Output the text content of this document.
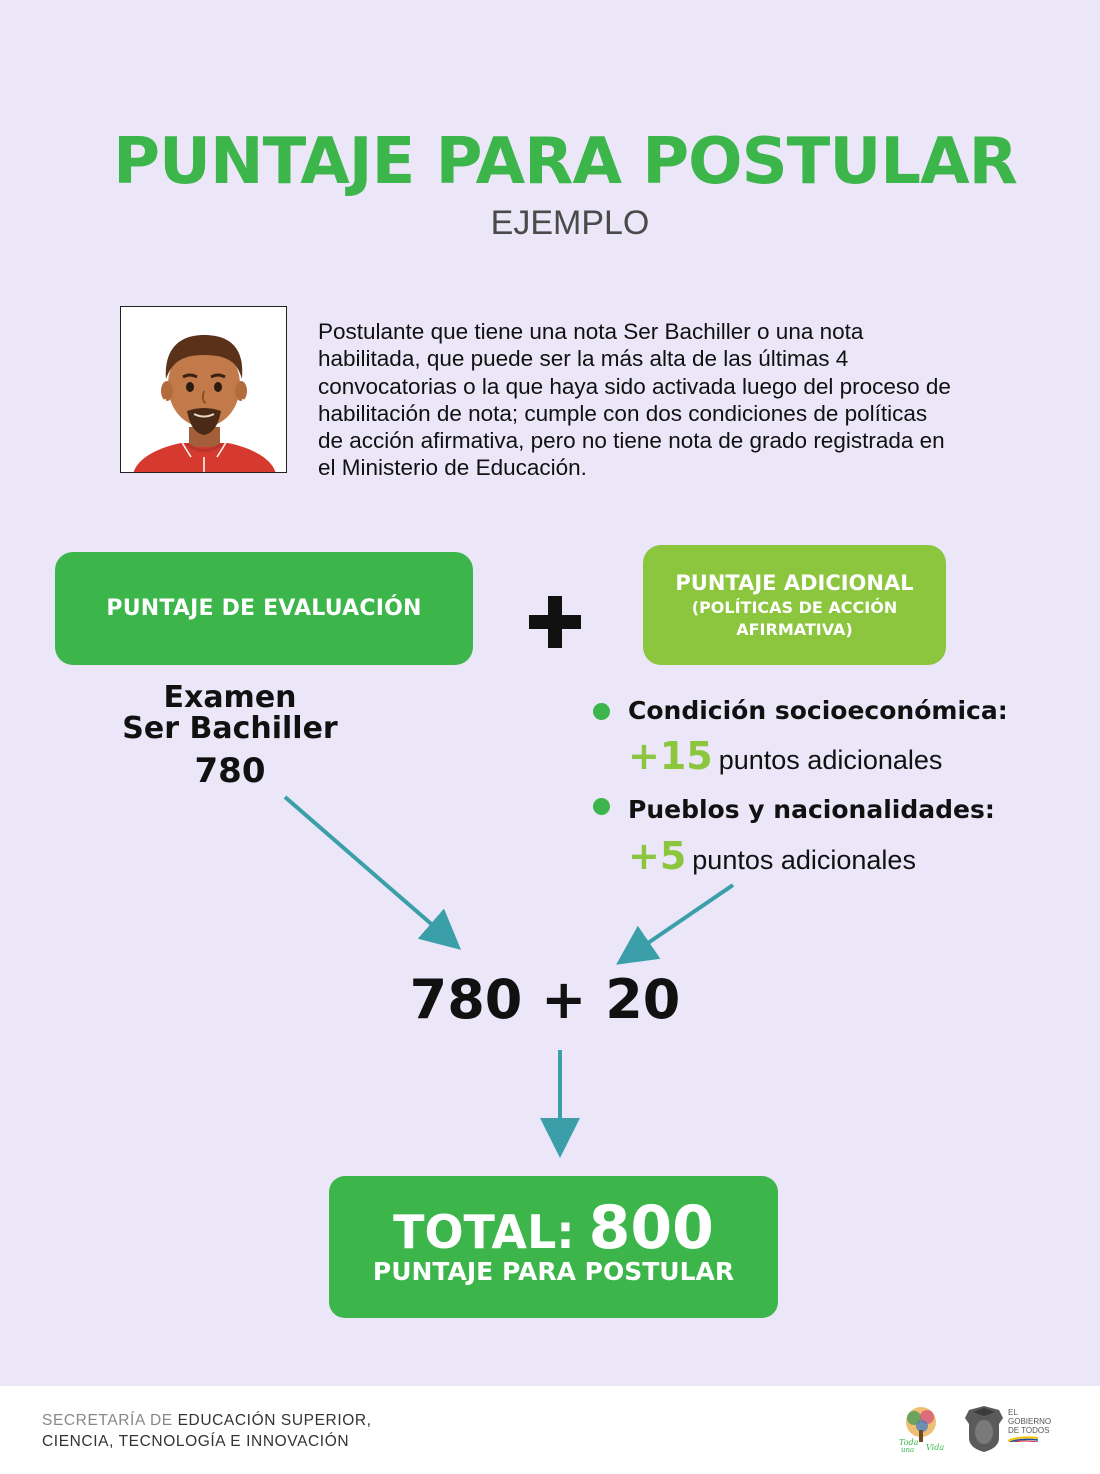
PUNTAJE PARA POSTULAR
EJEMPLO
Postulante que tiene una nota Ser Bachiller o una nota habilitada, que puede ser la más alta de las últimas 4 convocatorias o la que haya sido activada luego del proceso de habilitación de nota; cumple con dos condiciones de políticas de acción afirmativa, pero no tiene nota de grado registrada en el Ministerio de Educación.
PUNTAJE DE EVALUACIÓN
PUNTAJE ADICIONAL
(POLÍTICAS DE ACCIÓN
AFIRMATIVA)
Examen
Ser Bachiller
780
Condición socioeconómica:
+15 puntos adicionales
Pueblos y nacionalidades:
+5 puntos adicionales
780 + 20
TOTAL: 800
PUNTAJE PARA POSTULAR
SECRETARÍA DE EDUCACIÓN SUPERIOR,
CIENCIA, TECNOLOGÍA E INNOVACIÓN	Toda
una Vida
EL
GOBIERNO
DE TODOS
